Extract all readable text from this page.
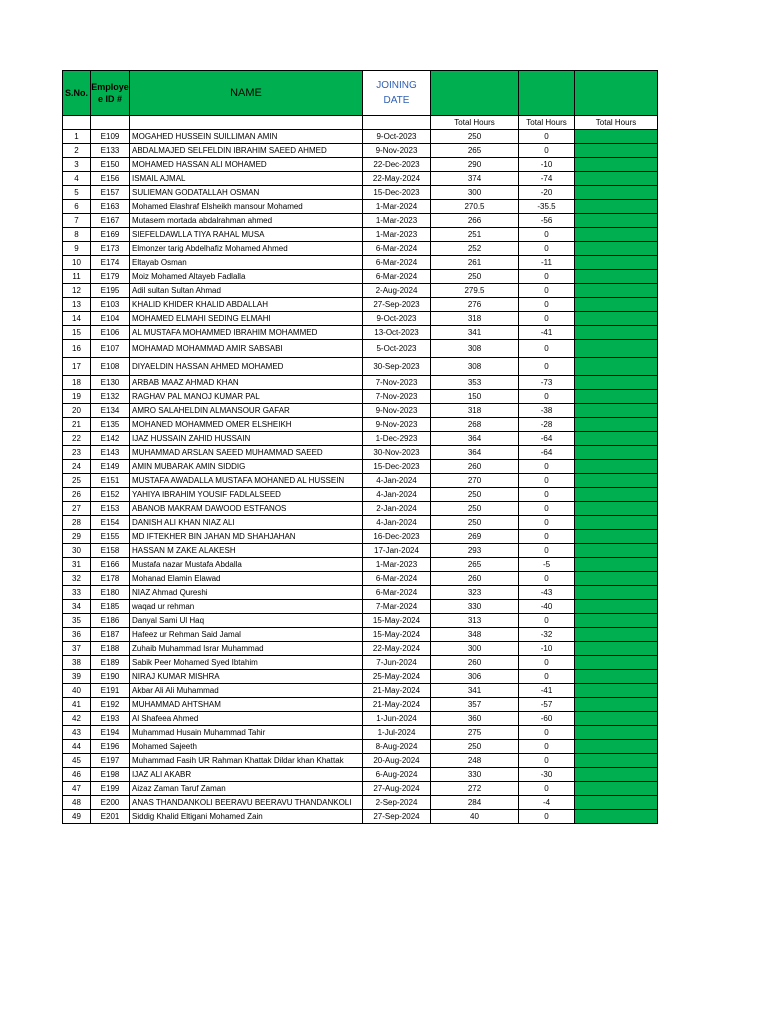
S.No.	Employe e ID #	NAME	JOINING DATE			
				Total Hours	Total Hours	Total Hours
1	E109	MOGAHED HUSSEIN SUILLIMAN AMIN	9-Oct-2023	250	0	
2	E133	ABDALMAJED SELFELDIN IBRAHIM SAEED AHMED	9-Nov-2023	265	0	
3	E150	MOHAMED HASSAN ALI MOHAMED	22-Dec-2023	290	-10	
4	E156	ISMAIL AJMAL	22-May-2024	374	-74	
5	E157	SULIEMAN GODATALLAH OSMAN	15-Dec-2023	300	-20	
6	E163	Mohamed Elashraf Elsheikh mansour Mohamed	1-Mar-2024	270.5	-35.5	
7	E167	Mutasem mortada abdalrahman ahmed	1-Mar-2023	266	-56	
8	E169	SIEFELDAWLLA TIYA RAHAL MUSA	1-Mar-2023	251	0	
9	E173	Elmonzer tarig Abdelhafiz Mohamed Ahmed	6-Mar-2024	252	0	
10	E174	Eltayab Osman	6-Mar-2024	261	-11	
11	E179	Moiz Mohamed Altayeb Fadlalla	6-Mar-2024	250	0	
12	E195	Adil sultan Sultan Ahmad	2-Aug-2024	279.5	0	
13	E103	KHALID KHIDER KHALID ABDALLAH	27-Sep-2023	276	0	
14	E104	MOHAMED ELMAHI SEDING ELMAHI	9-Oct-2023	318	0	
15	E106	AL MUSTAFA MOHAMMED IBRAHIM MOHAMMED	13-Oct-2023	341	-41	
16	E107	MOHAMAD MOHAMMAD AMIR SABSABI	5-Oct-2023	308	0	
17	E108	DIYAELDIN HASSAN AHMED MOHAMED	30-Sep-2023	308	0	
18	E130	ARBAB MAAZ AHMAD KHAN	7-Nov-2023	353	-73	
19	E132	RAGHAV PAL MANOJ KUMAR PAL	7-Nov-2023	150	0	
20	E134	AMRO SALAHELDIN ALMANSOUR GAFAR	9-Nov-2023	318	-38	
21	E135	MOHANED MOHAMMED OMER ELSHEIKH	9-Nov-2023	268	-28	
22	E142	IJAZ HUSSAIN ZAHID HUSSAIN	1-Dec-2923	364	-64	
23	E143	MUHAMMAD ARSLAN SAEED MUHAMMAD SAEED	30-Nov-2023	364	-64	
24	E149	AMIN MUBARAK AMIN SIDDIG	15-Dec-2023	260	0	
25	E151	MUSTAFA AWADALLA MUSTAFA MOHANED AL HUSSEIN	4-Jan-2024	270	0	
26	E152	YAHIYA IBRAHIM YOUSIF FADLALSEED	4-Jan-2024	250	0	
27	E153	ABANOB MAKRAM DAWOOD ESTFANOS	2-Jan-2024	250	0	
28	E154	DANISH ALI KHAN NIAZ ALI	4-Jan-2024	250	0	
29	E155	MD IFTEKHER BIN JAHAN MD SHAHJAHAN	16-Dec-2023	269	0	
30	E158	HASSAN M ZAKE ALAKESH	17-Jan-2024	293	0	
31	E166	Mustafa nazar Mustafa Abdalla	1-Mar-2023	265	-5	
32	E178	Mohanad Elamin Elawad	6-Mar-2024	260	0	
33	E180	NIAZ Ahmad Qureshi	6-Mar-2024	323	-43	
34	E185	waqad ur rehman	7-Mar-2024	330	-40	
35	E186	Danyal Sami Ul Haq	15-May-2024	313	0	
36	E187	Hafeez ur Rehman Said Jamal	15-May-2024	348	-32	
37	E188	Zuhaib Muhammad Israr Muhammad	22-May-2024	300	-10	
38	E189	Sabik Peer Mohamed Syed Ibtahim	7-Jun-2024	260	0	
39	E190	NIRAJ KUMAR MISHRA	25-May-2024	306	0	
40	E191	Akbar Ali Ali Muhammad	21-May-2024	341	-41	
41	E192	MUHAMMAD AHTSHAM	21-May-2024	357	-57	
42	E193	Al Shafeea Ahmed	1-Jun-2024	360	-60	
43	E194	Muhammad Husain Muhammad Tahir	1-Jul-2024	275	0	
44	E196	Mohamed Sajeeth	8-Aug-2024	250	0	
45	E197	Muhammad Fasih UR Rahman Khattak Dildar khan Khattak	20-Aug-2024	248	0	
46	E198	IJAZ ALI AKABR	6-Aug-2024	330	-30	
47	E199	Aizaz Zaman Taruf Zaman	27-Aug-2024	272	0	
48	E200	ANAS THANDANKOLI BEERAVU BEERAVU THANDANKOLI	2-Sep-2024	284	-4	
49	E201	Siddig Khalid Eltigani Mohamed Zain	27-Sep-2024	40	0	
